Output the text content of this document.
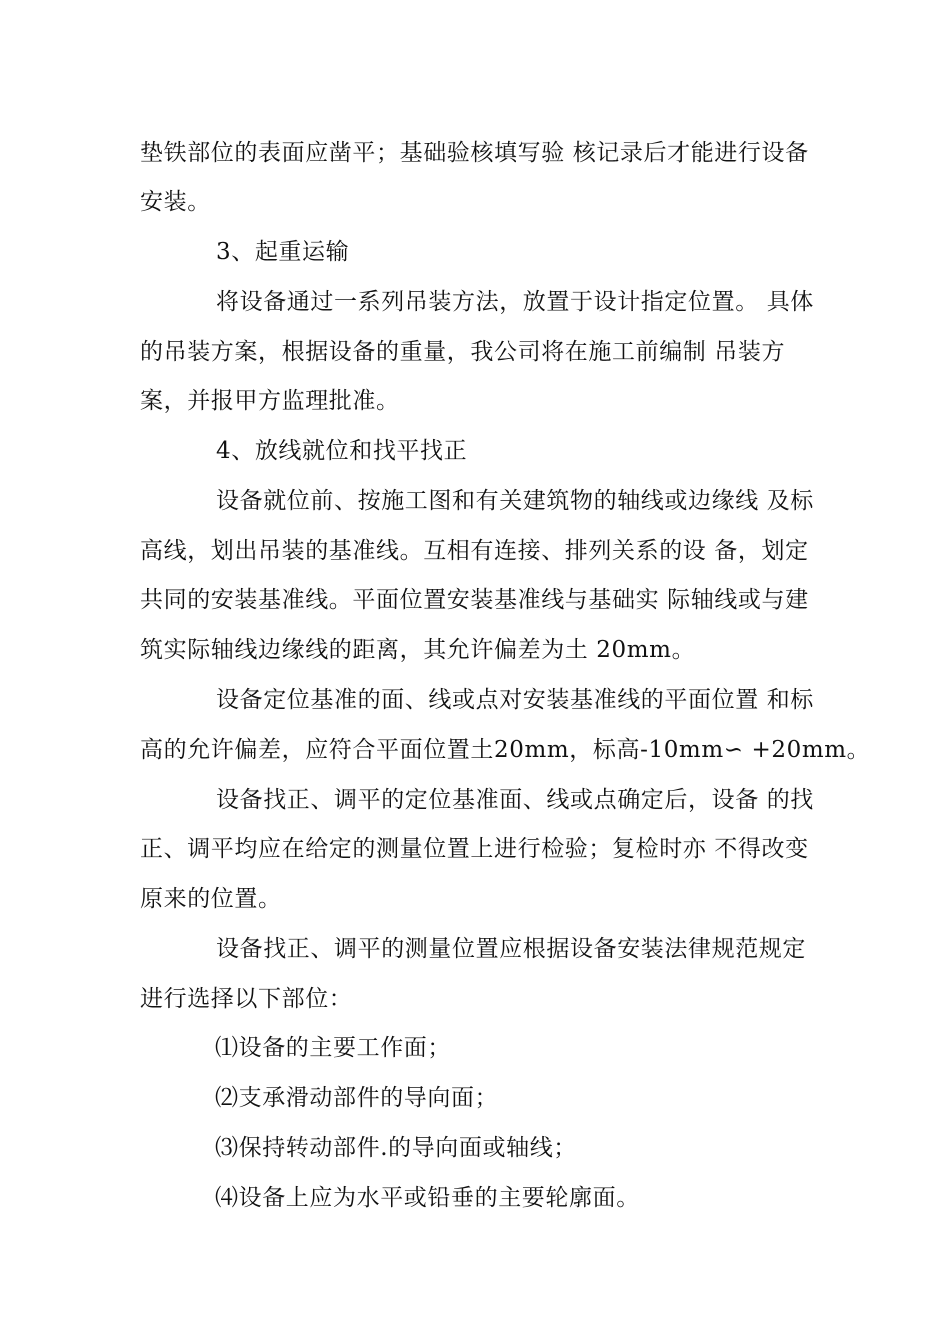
垫铁部位的表面应凿平；基础验核填写验 核记录后才能进行设备
安装。
3、起重运输
将设备通过一系列吊装方法，放置于设计指定位置。 具体
的吊装方案，根据设备的重量，我公司将在施工前编制 吊装方
案，并报甲方监理批准。
4、放线就位和找平找正
设备就位前、按施工图和有关建筑物的轴线或边缘线 及标
高线，划出吊装的基准线。互相有连接、排列关系的设 备，划定
共同的安装基准线。平面位置安装基准线与基础实 际轴线或与建
筑实际轴线边缘线的距离，其允许偏差为土 20mm。
设备定位基准的面、线或点对安装基准线的平面位置 和标
高的允许偏差，应符合平面位置土20mm，标高-10mm∽ +20mm。
设备找正、调平的定位基准面、线或点确定后，设备 的找
正、调平均应在给定的测量位置上进行检验；复检时亦 不得改变
原来的位置。
设备找正、调平的测量位置应根据设备安装法律规范规定
进行选择以下部位：
⑴设备的主要工作面；
⑵支承滑动部件的导向面；
⑶保持转动部件.的导向面或轴线；
⑷设备上应为水平或铅垂的主要轮廓面。
